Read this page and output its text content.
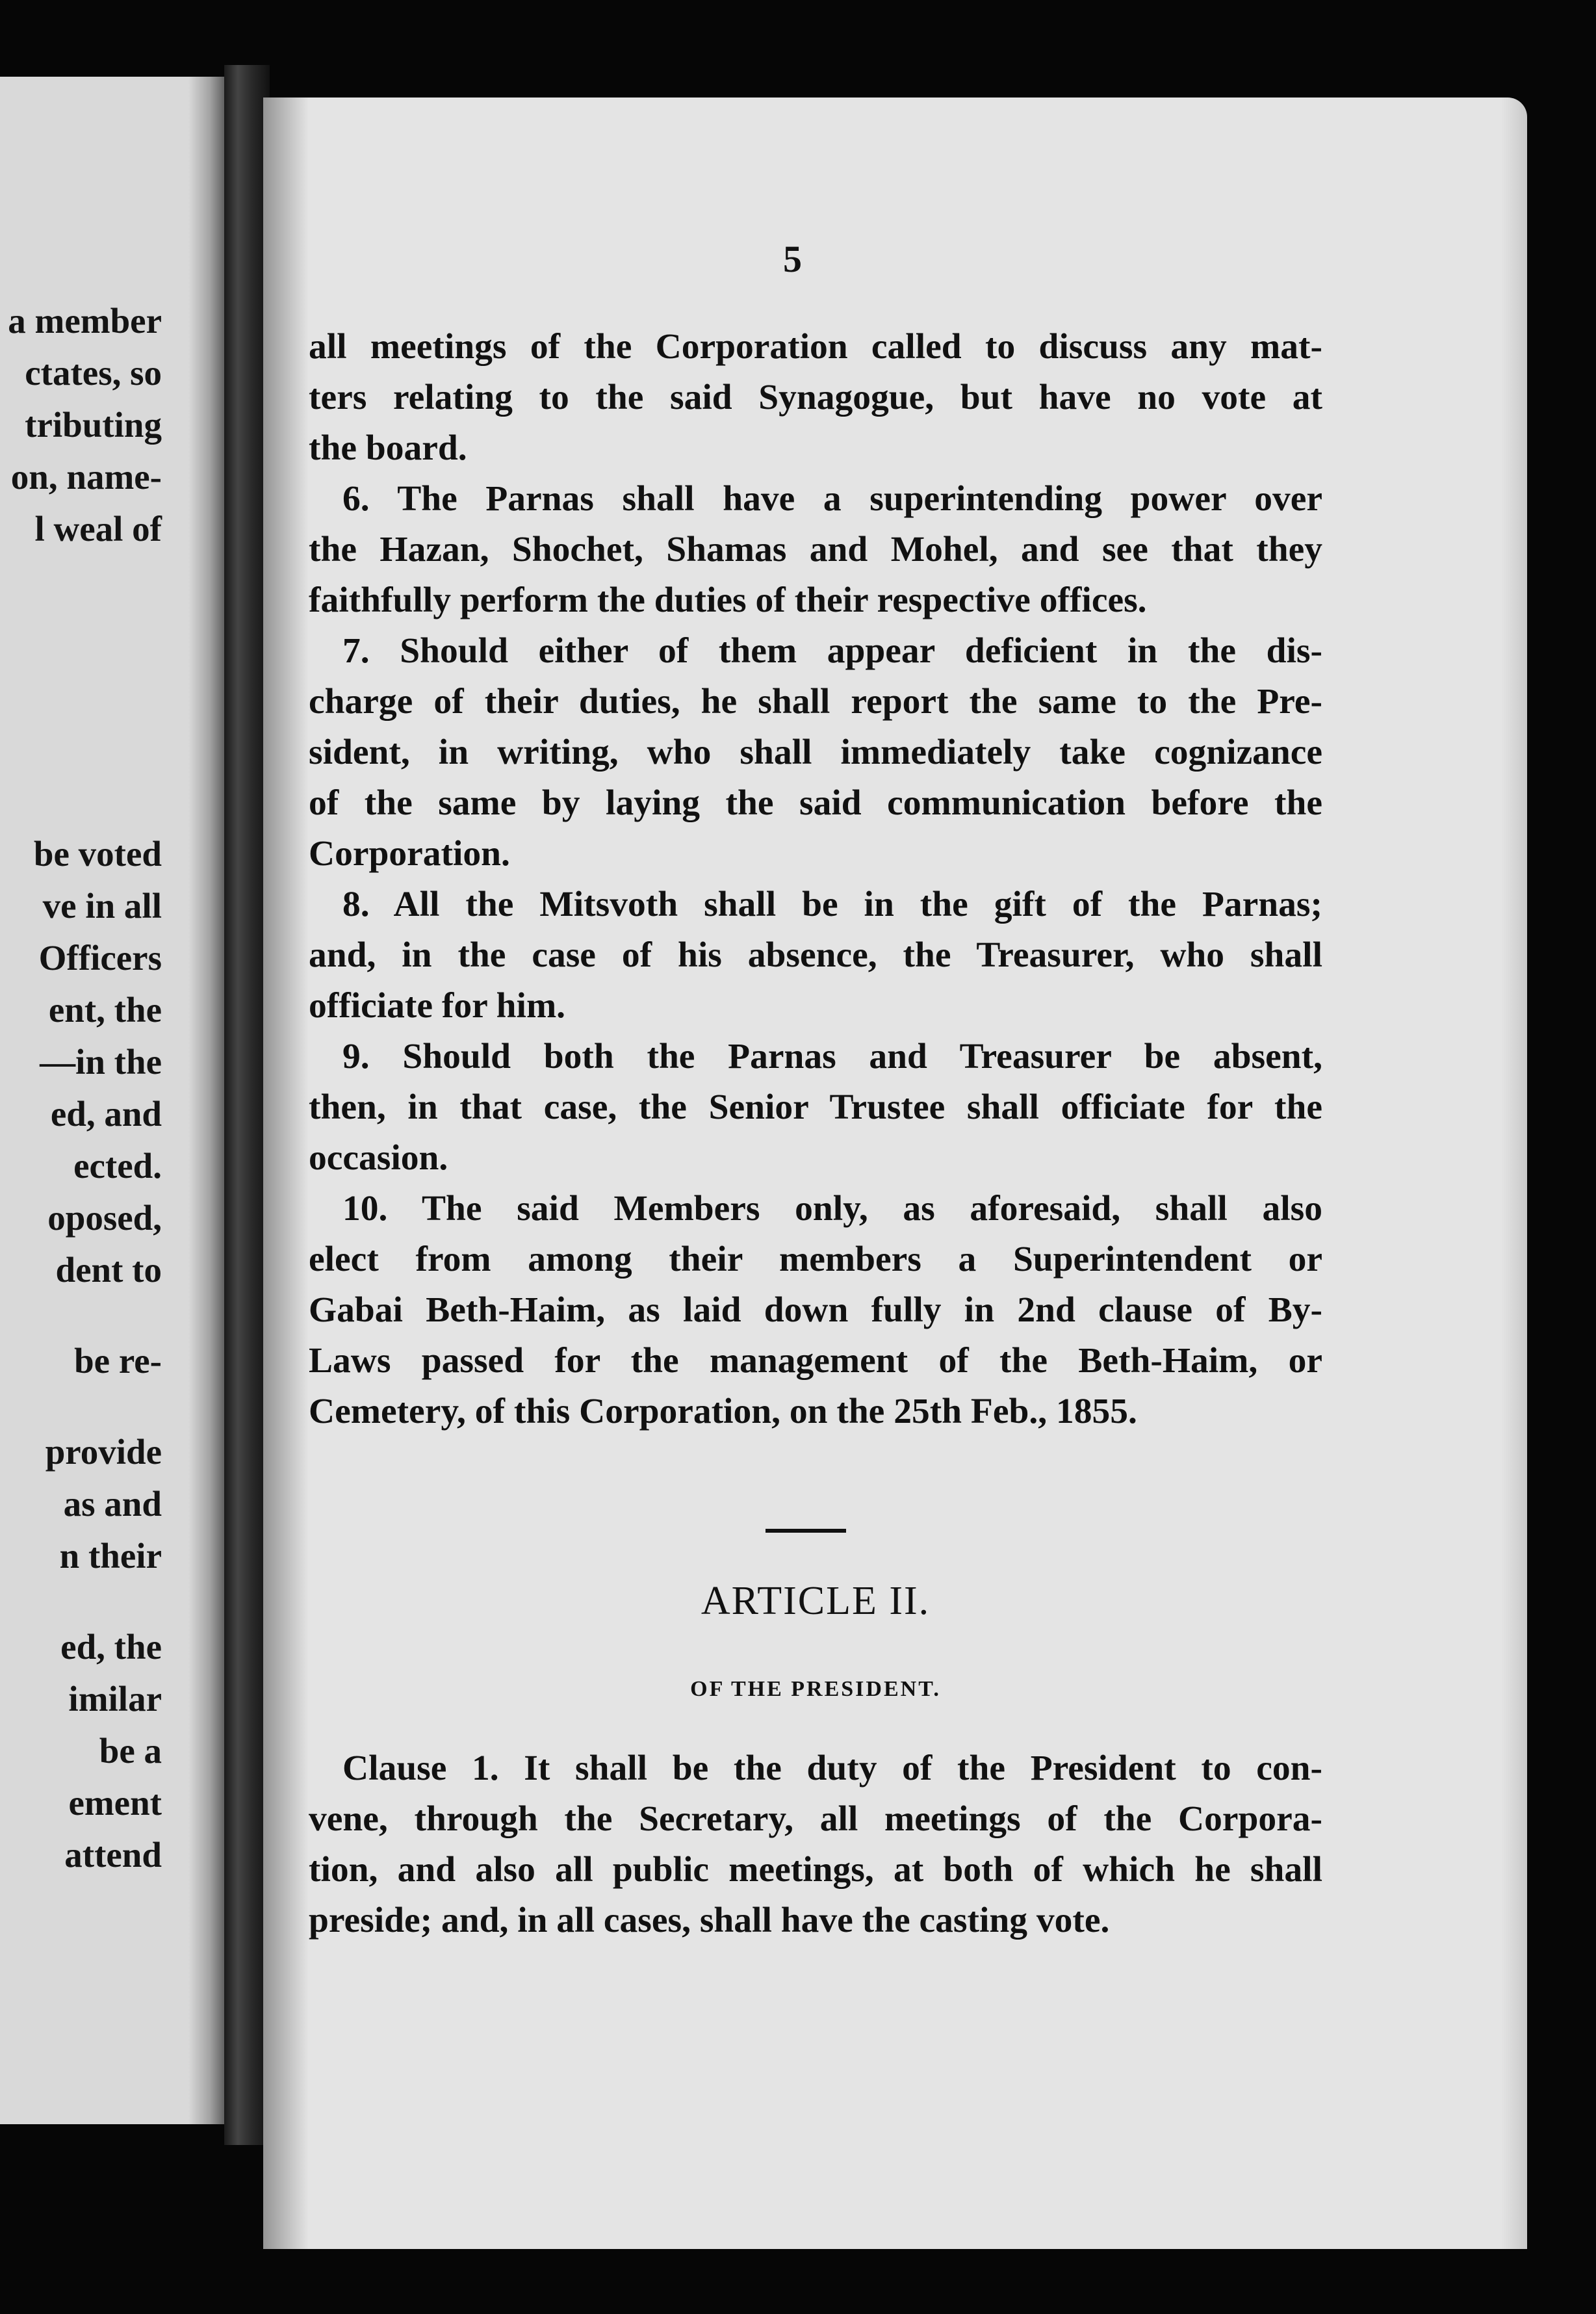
a member
ctates, so
tributing
on, name-
l weal of
be voted
ve in all
Officers
ent, the
—in the
ed, and
ected.
oposed,
dent to
be re-
provide
as and
n their
ed, the
imilar
be a
ement
attend
5
all meetings of the Corporation called to discuss any mat-
ters relating to the said Synagogue, but have no vote at
the board.
6. The Parnas shall have a superintending power over
the Hazan, Shochet, Shamas and Mohel, and see that they
faithfully perform the duties of their respective offices.
7. Should either of them appear deficient in the dis-
charge of their duties, he shall report the same to the Pre-
sident, in writing, who shall immediately take cognizance
of the same by laying the said communication before the
Corporation.
8. All the Mitsvoth shall be in the gift of the Parnas;
and, in the case of his absence, the Treasurer, who shall
officiate for him.
9. Should both the Parnas and Treasurer be absent,
then, in that case, the Senior Trustee shall officiate for the
occasion.
10. The said Members only, as aforesaid, shall also
elect from among their members a Superintendent or
Gabai Beth-Haim, as laid down fully in 2nd clause of By-
Laws passed for the management of the Beth-Haim, or
Cemetery, of this Corporation, on the 25th Feb., 1855.
ARTICLE II.
OF THE PRESIDENT.
Clause 1. It shall be the duty of the President to con-
vene, through the Secretary, all meetings of the Corpora-
tion, and also all public meetings, at both of which he shall
preside; and, in all cases, shall have the casting vote.
